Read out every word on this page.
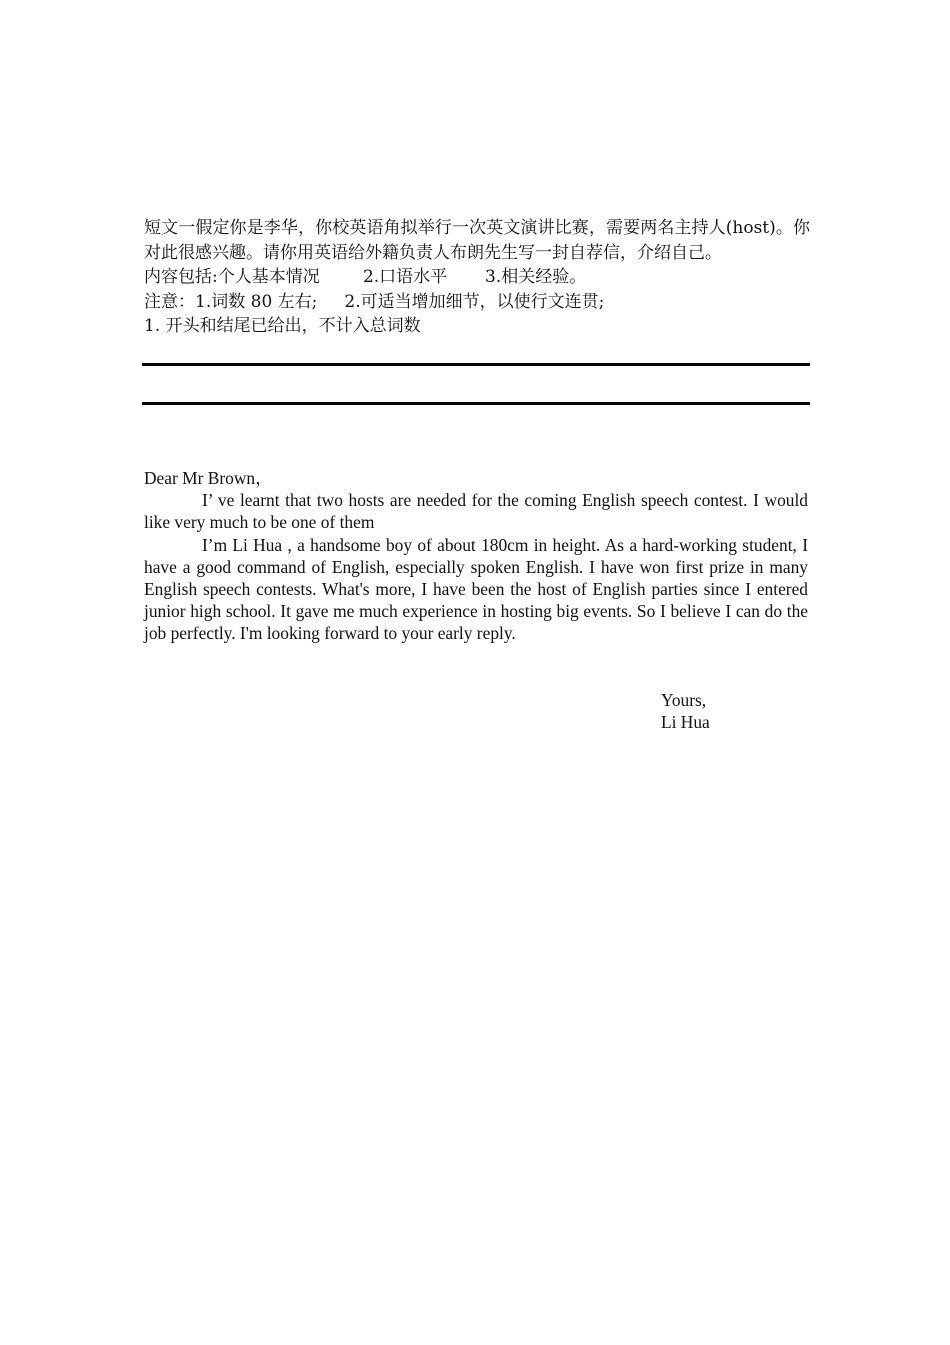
短文一假定你是李华，你校英语角拟举行一次英文演讲比赛，需要两名主持人(host)。你对此很感兴趣。请你用英语给外籍负责人布朗先生写一封自荐信，介绍自己。

内容包括:个人基本情况        2.口语水平       3.相关经验。

注意：1.词数 80 左右;     2.可适当增加细节，以使行文连贯;

1. 开头和结尾已给出，不计入总词数

Dear Mr Brown，

I’ ve learnt that two hosts are needed for the coming English speech contest. I would like very much to be one of them

I’m Li Hua , a handsome boy of about 180cm in height. As a hard-working student, I have a good command of English, especially spoken English. I have won first prize in many English speech contests. What's more, I have been the host of English parties since I entered junior high school. It gave me much experience in hosting big events. So I believe I can do the job perfectly. I'm looking forward to your early reply.

Yours,
Li Hua
